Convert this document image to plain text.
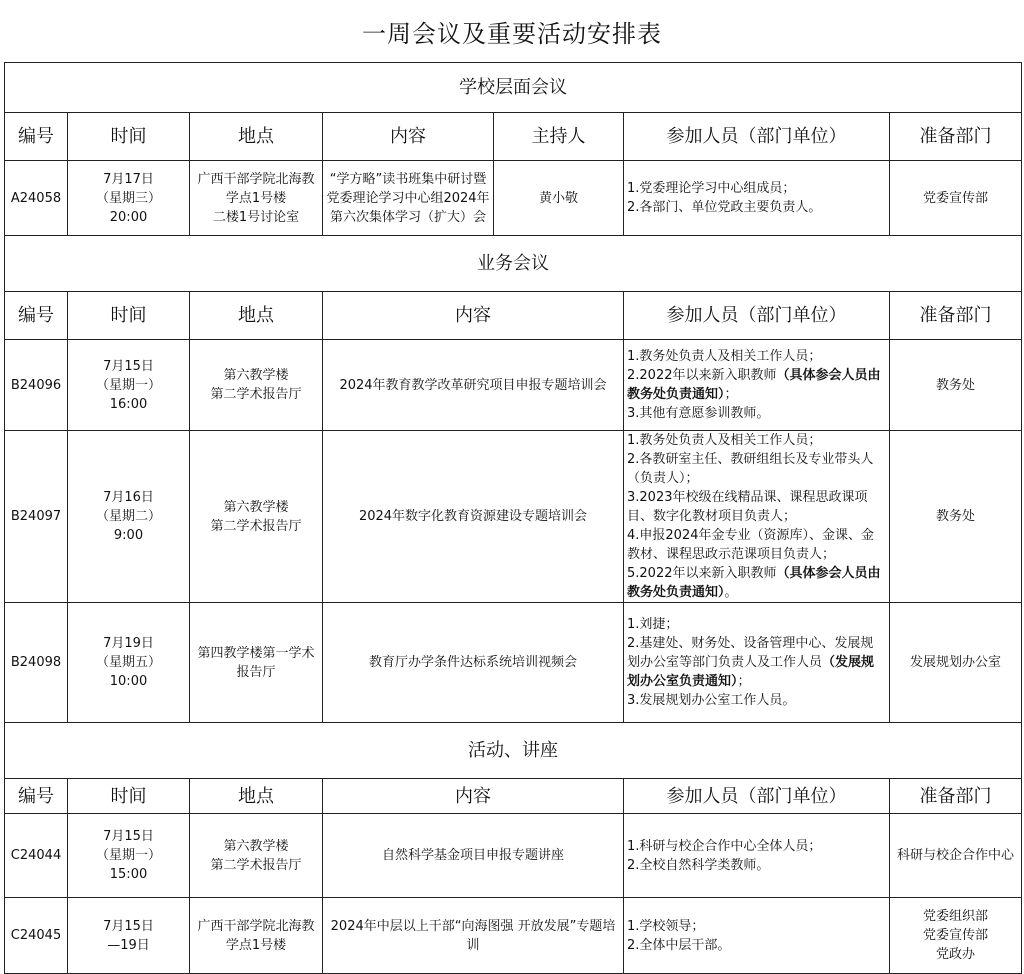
一周会议及重要活动安排表
学校层面会议						
编号	时间	地点	内容	主持人	参加人员（部门单位）	准备部门
A24058	7月17日
（星期三）
20:00	广西干部学院北海教学点1号楼
二楼1号讨论室	“学方略”读书班集中研讨暨党委理论学习中心组2024年第六次集体学习（扩大）会	黄小敬	1.党委理论学习中心组成员；
2.各部门、单位党政主要负责人。	党委宣传部

业务会议						
编号	时间	地点	内容		参加人员（部门单位）	准备部门
B24096	7月15日
（星期一）
16:00	第六教学楼
第二学术报告厅	2024年教育教学改革研究项目申报专题培训会		1.教务处负责人及相关工作人员；
2.2022年以来新入职教师（具体参会人员由教务处负责通知）；
3.其他有意愿参训教师。	教务处

B24097	7月16日
（星期二）
9:00	第六教学楼
第二学术报告厅	2024年数字化教育资源建设专题培训会		1.教务处负责人及相关工作人员；
2.各教研室主任、教研组组长及专业带头人（负责人）；
3.2023年校级在线精品课、课程思政课项目、数字化教材项目负责人；
4.申报2024年金专业（资源库）、金课、金教材、课程思政示范课项目负责人；
5.2022年以来新入职教师（具体参会人员由教务处负责通知）。	教务处

B24098	7月19日
（星期五）
10:00	第四教学楼第一学术报告厅	教育厅办学条件达标系统培训视频会		1.刘捷；
2.基建处、财务处、设备管理中心、发展规划办公室等部门负责人及工作人员（发展规划办公室负责通知）；
3.发展规划办公室工作人员。	发展规划办公室

活动、讲座						
编号	时间	地点	内容		参加人员（部门单位）	准备部门
C24044	7月15日
（星期一）
15:00	第六教学楼
第二学术报告厅	自然科学基金项目申报专题讲座		1.科研与校企合作中心全体人员；
2.全校自然科学类教师。	科研与校企合作中心

C24045	7月15日
—19日	广西干部学院北海教学点1号楼	2024年中层以上干部“向海图强 开放发展”专题培训		1.学校领导；
2.全体中层干部。	党委组织部
党委宣传部
党政办
